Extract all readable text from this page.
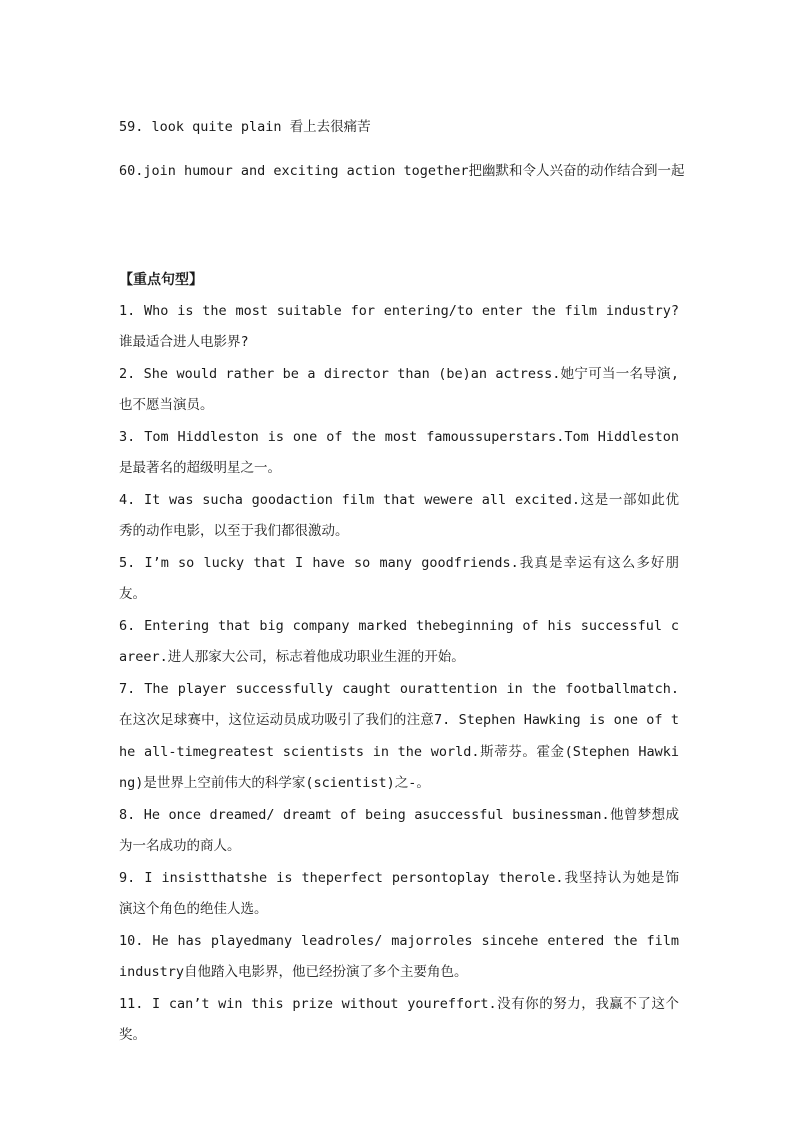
59. look quite plain 看上去很痛苦

60.join humour and exciting action together把幽默和令人兴奋的动作结合到一起

【重点句型】

1. Who is the most suitable for entering/to enter the film industry?谁最适合进人电影界?

2. She would rather be a director than (be)an actress.她宁可当一名导演,也不愿当演员。

3. Tom Hiddleston is one of the most famoussuperstars.Tom Hiddleston是最著名的超级明星之一。

4. It was sucha goodaction film that wewere all excited.这是一部如此优秀的动作电影，以至于我们都很激动。

5. I’m so lucky that I have so many goodfriends.我真是幸运有这么多好朋友。

6. Entering that big company marked thebeginning of his successful career.进人那家大公司，标志着他成功职业生涯的开始。

7. The player successfully caught ourattention in the footballmatch.在这次足球赛中，这位运动员成功吸引了我们的注意7. Stephen Hawking is one of the all-timegreatest scientists in the world.斯蒂芬。霍金(Stephen Hawking)是世界上空前伟大的科学家(scientist)之-。

8. He once dreamed/ dreamt of being asuccessful businessman.他曾梦想成为一名成功的商人。

9. I insistthatshe is theperfect persontoplay therole.我坚持认为她是饰演这个角色的绝佳人选。

10. He has playedmany leadroles/ majorroles sincehe entered the film industry自他踏入电影界，他已经扮演了多个主要角色。

11. I can’t win this prize without youreffort.没有你的努力，我赢不了这个奖。
